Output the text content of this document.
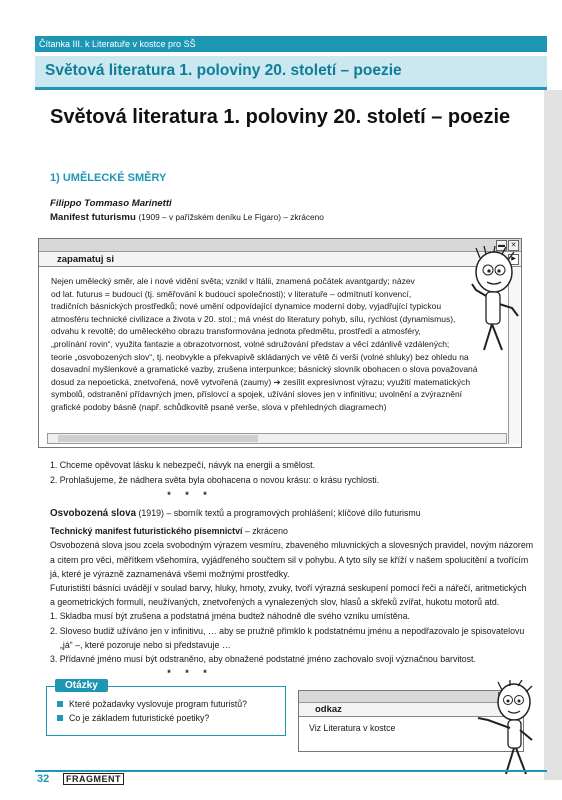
Čítanka III. k Literatuře v kostce pro SŠ
Světová literatura 1. poloviny 20. století – poezie
Světová literatura 1. poloviny 20. století – poezie
1) UMĚLECKÉ SMĚRY
Filippo Tommaso Marinetti
Manifest futurismu (1909 – v pařížském deníku Le Figaro) – zkráceno
▬ ✕
zapamatuj si	▶
Nejen umělecký směr, ale i nové vidění světa; vznikl v Itálii, znamená počátek avantgardy; název
od lat. futurus = budoucí (tj. směřování k budoucí společnosti); v literatuře – odmítnutí konvencí,
tradičních básnických prostředků; nové umění odpovídající dynamice moderní doby, vyjadřující typickou
atmosféru technické civilizace a života v 20. stol.; má vnést do literatury pohyb, sílu, rychlost (dynamismus),
odvahu k revoltě; do uměleckého obrazu transformována jednota předmětu, prostředí a atmosféry,
„prolínání rovin“, využita fantazie a obrazotvornost, volné sdružování představ a věcí zdánlivě vzdálených;
teorie „osvobozených slov“, tj. neobvykle a překvapivě skládaných ve větě či verši (volné shluky) bez ohledu na
dosavadní myšlenkové a gramatické vazby, zrušena interpunkce; básnický slovník obohacen o slova považovaná
dosud za nepoetická, znetvořená, nově vytvořená (zaumy) ➔ zesílit expresivnost výrazu; využití matematických
symbolů, odstranění přídavných jmen, příslovcí a spojek, užívání sloves jen v infinitivu; uvolnění a zvýraznění
grafické podoby básně (např. schůdkovitě psané verše, slova v přehledných diagramech)
1. Chceme opěvovat lásku k nebezpečí, návyk na energii a smělost.
2. Prohlašujeme, že nádhera světa byla obohacena o novou krásu: o krásu rychlosti.
* * *

Osvobozená slova (1919) – sborník textů a programových prohlášení; klíčové dílo futurismu

Technický manifest futuristického písemnictví – zkráceno

Osvobozená slova jsou zcela svobodným výrazem vesmíru, zbaveného mluvnických a slovesných pravidel, novým názorem

a citem pro věci, měřítkem všehomíra, vyjádřeného součtem sil v pohybu. A tyto síly se kříží v našem spolucitění a tvořícím

já, které je výrazně zaznamenává všemi možnými prostředky.

Futuristiští básníci uvádějí v soulad barvy, hluky, hrnoty, zvuky, tvoří výrazná seskupení pomocí řeči a nářečí, aritmetických

a geometrických formulí, neužívaných, znetvořených a vynalezených slov, hlasů a skřeků zvířat, hukotu motorů atd.

1. Skladba musí být zrušena a podstatná jména budtež náhodně dle svého vzniku umístěna.

2. Sloveso budiž užíváno jen v infinitivu, … aby se pružně přimklo k podstatnému jménu a nepodřazovalo je spisovatelovu

„já“ –, které pozoruje nebo si představuje …

3. Přídavné jméno musí být odstraněno, aby obnažené podstatné jméno zachovalo svoji význačnou barvitost.

* * *
Otázky
Které požadavky vyslovuje program futuristů?
Co je základem futuristické poetiky?
odkaz
Viz Literatura v kostce
32	FRAGMENT
